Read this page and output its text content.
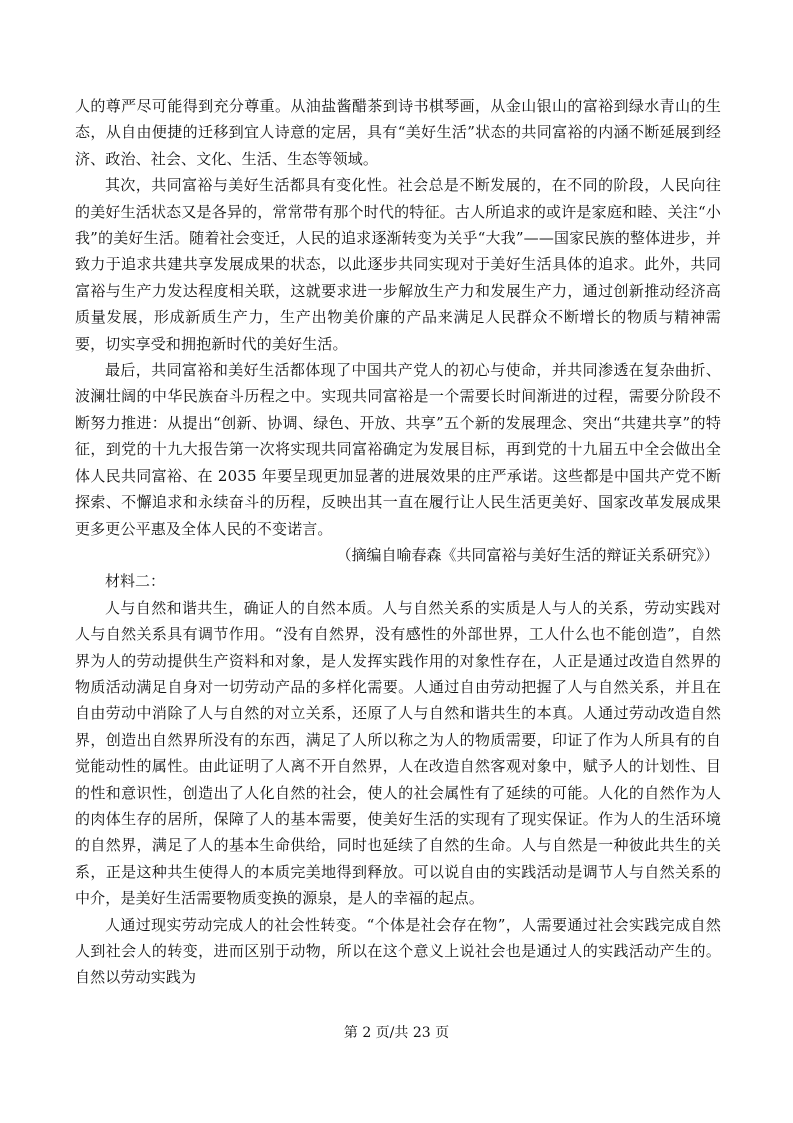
人的尊严尽可能得到充分尊重。从油盐酱醋茶到诗书棋琴画，从金山银山的富裕到绿水青山的生态，从自由便捷的迁移到宜人诗意的定居，具有“美好生活”状态的共同富裕的内涵不断延展到经济、政治、社会、文化、生活、生态等领域。

其次，共同富裕与美好生活都具有变化性。社会总是不断发展的，在不同的阶段，人民向往的美好生活状态又是各异的，常常带有那个时代的特征。古人所追求的或许是家庭和睦、关注“小我”的美好生活。随着社会变迁，人民的追求逐渐转变为关乎“大我”——国家民族的整体进步，并致力于追求共建共享发展成果的状态，以此逐步共同实现对于美好生活具体的追求。此外，共同富裕与生产力发达程度相关联，这就要求进一步解放生产力和发展生产力，通过创新推动经济高质量发展，形成新质生产力，生产出物美价廉的产品来满足人民群众不断增长的物质与精神需要，切实享受和拥抱新时代的美好生活。

最后，共同富裕和美好生活都体现了中国共产党人的初心与使命，并共同渗透在复杂曲折、波澜壮阔的中华民族奋斗历程之中。实现共同富裕是一个需要长时间渐进的过程，需要分阶段不断努力推进：从提出“创新、协调、绿色、开放、共享”五个新的发展理念、突出“共建共享”的特征，到党的十九大报告第一次将实现共同富裕确定为发展目标，再到党的十九届五中全会做出全体人民共同富裕、在 2035 年要呈现更加显著的进展效果的庄严承诺。这些都是中国共产党不断探索、不懈追求和永续奋斗的历程，反映出其一直在履行让人民生活更美好、国家改革发展成果更多更公平惠及全体人民的不变诺言。

（摘编自喻春森《共同富裕与美好生活的辩证关系研究》）

材料二：

人与自然和谐共生，确证人的自然本质。人与自然关系的实质是人与人的关系，劳动实践对人与自然关系具有调节作用。“没有自然界，没有感性的外部世界，工人什么也不能创造”，自然界为人的劳动提供生产资料和对象，是人发挥实践作用的对象性存在，人正是通过改造自然界的物质活动满足自身对一切劳动产品的多样化需要。人通过自由劳动把握了人与自然关系，并且在自由劳动中消除了人与自然的对立关系，还原了人与自然和谐共生的本真。人通过劳动改造自然界，创造出自然界所没有的东西，满足了人所以称之为人的物质需要，印证了作为人所具有的自觉能动性的属性。由此证明了人离不开自然界，人在改造自然客观对象中，赋予人的计划性、目的性和意识性，创造出了人化自然的社会，使人的社会属性有了延续的可能。人化的自然作为人的肉体生存的居所，保障了人的基本需要，使美好生活的实现有了现实保证。作为人的生活环境的自然界，满足了人的基本生命供给，同时也延续了自然的生命。人与自然是一种彼此共生的关系，正是这种共生使得人的本质完美地得到释放。可以说自由的实践活动是调节人与自然关系的中介，是美好生活需要物质变换的源泉，是人的幸福的起点。

人通过现实劳动完成人的社会性转变。“个体是社会存在物”，人需要通过社会实践完成自然人到社会人的转变，进而区别于动物，所以在这个意义上说社会也是通过人的实践活动产生的。自然以劳动实践为

第 2 页/共 23 页
